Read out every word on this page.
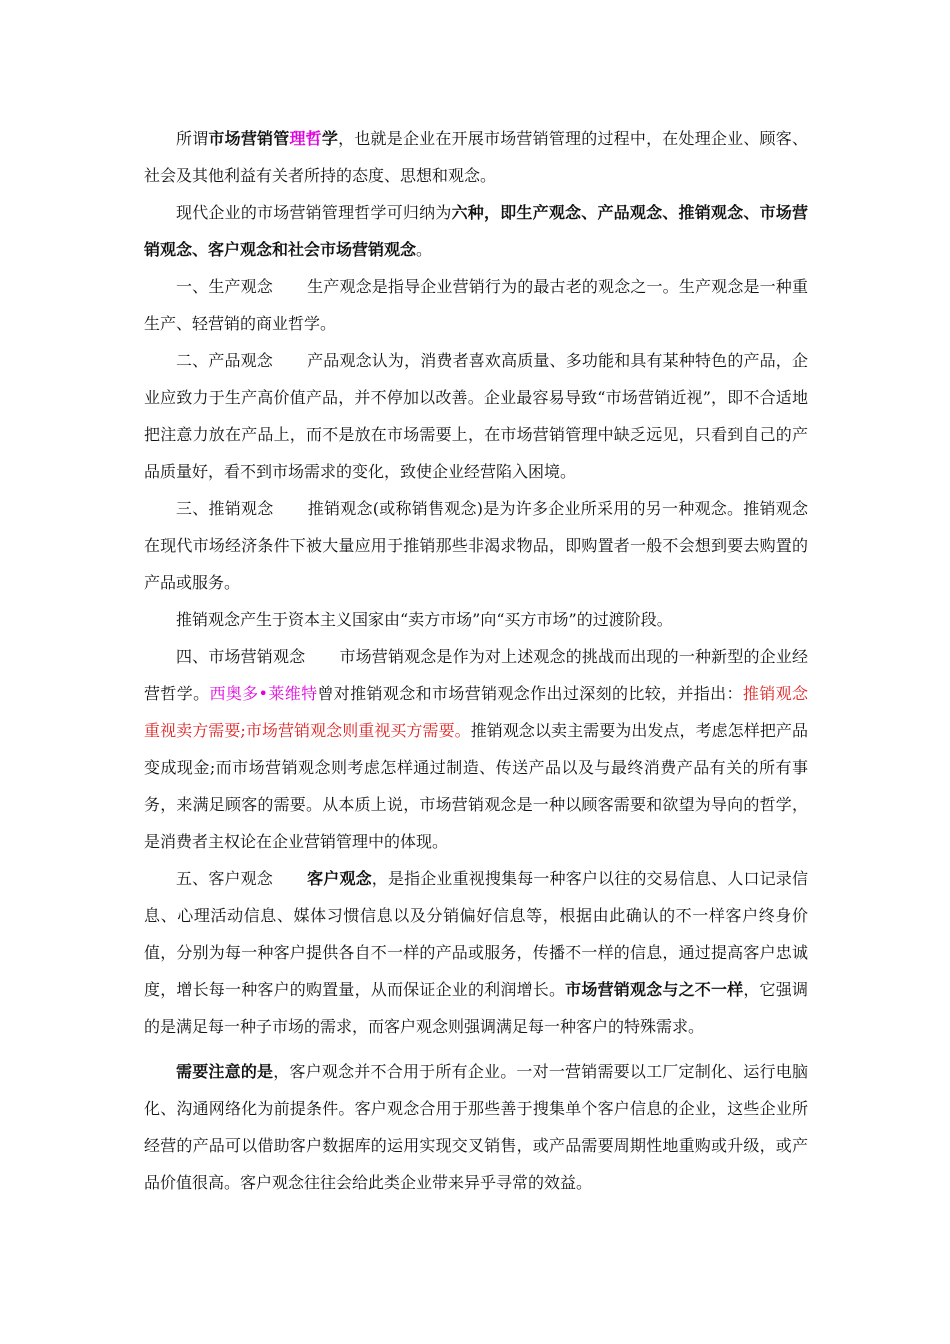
所谓市场营销管理哲学，也就是企业在开展市场营销管理的过程中，在处理企业、顾客、社会及其他利益有关者所持的态度、思想和观念。

现代企业的市场营销管理哲学可归纳为六种，即生产观念、产品观念、推销观念、市场营销观念、客户观念和社会市场营销观念。

一、生产观念 生产观念是指导企业营销行为的最古老的观念之一。生产观念是一种重生产、轻营销的商业哲学。

二、产品观念 产品观念认为，消费者喜欢高质量、多功能和具有某种特色的产品，企业应致力于生产高价值产品，并不停加以改善。企业最容易导致“市场营销近视”，即不合适地把注意力放在产品上，而不是放在市场需要上，在市场营销管理中缺乏远见，只看到自己的产品质量好，看不到市场需求的变化，致使企业经营陷入困境。

三、推销观念 推销观念(或称销售观念)是为许多企业所采用的另一种观念。推销观念在现代市场经济条件下被大量应用于推销那些非渴求物品，即购置者一般不会想到要去购置的产品或服务。

推销观念产生于资本主义国家由“卖方市场”向“买方市场”的过渡阶段。

四、市场营销观念 市场营销观念是作为对上述观念的挑战而出现的一种新型的企业经营哲学。西奥多•莱维特曾对推销观念和市场营销观念作出过深刻的比较，并指出：推销观念重视卖方需要;市场营销观念则重视买方需要。推销观念以卖主需要为出发点，考虑怎样把产品变成现金;而市场营销观念则考虑怎样通过制造、传送产品以及与最终消费产品有关的所有事务，来满足顾客的需要。从本质上说，市场营销观念是一种以顾客需要和欲望为导向的哲学，是消费者主权论在企业营销管理中的体现。

五、客户观念 客户观念，是指企业重视搜集每一种客户以往的交易信息、人口记录信息、心理活动信息、媒体习惯信息以及分销偏好信息等，根据由此确认的不一样客户终身价值，分别为每一种客户提供各自不一样的产品或服务，传播不一样的信息，通过提高客户忠诚度，增长每一种客户的购置量，从而保证企业的利润增长。市场营销观念与之不一样，它强调的是满足每一种子市场的需求，而客户观念则强调满足每一种客户的特殊需求。

需要注意的是，客户观念并不合用于所有企业。一对一营销需要以工厂定制化、运行电脑化、沟通网络化为前提条件。客户观念合用于那些善于搜集单个客户信息的企业，这些企业所经营的产品可以借助客户数据库的运用实现交叉销售，或产品需要周期性地重购或升级，或产品价值很高。客户观念往往会给此类企业带来异乎寻常的效益。
